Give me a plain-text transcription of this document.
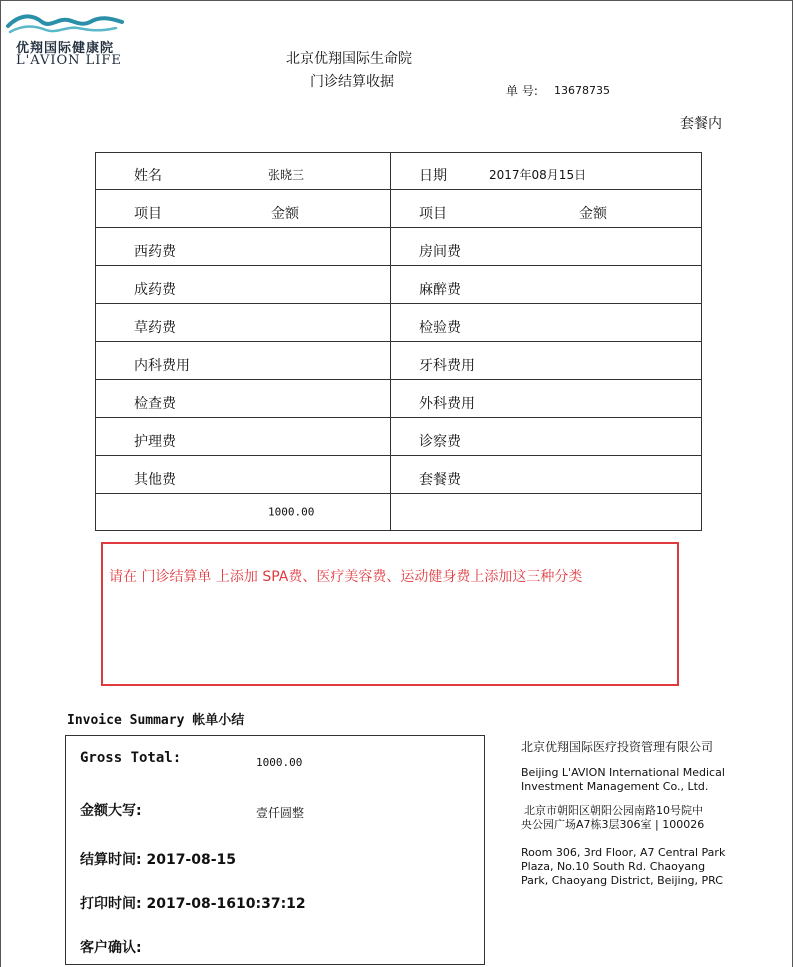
优翔国际健康院
L'AVION LIFE	北京优翔国际生命院
门诊结算收据
单 号: 13678735
套餐内
姓名 张晓三	日期 2017年08月15日

项目 金额	项目 金额

西药费	房间费

成药费	麻醉费

草药费	检验费

内科费用	牙科费用

检查费	外科费用

护理费	诊察费

其他费	套餐费

1000.00	

请在 门诊结算单 上添加 SPA费、医疗美容费、运动健身费上添加这三种分类
Invoice Summary 帐单小结
Gross Total:	1000.00
金额大写:	壹仟圆整
结算时间: 2017-08-15
打印时间: 2017-08-1610:37:12
客户确认:
北京优翔国际医疗投资管理有限公司
Beijing L'AVION International Medical
Investment Management Co., Ltd.
北京市朝阳区朝阳公园南路10号院中
央公园广场A7栋3层306室 | 100026
Room 306, 3rd Floor, A7 Central Park
Plaza, No.10 South Rd. Chaoyang
Park, Chaoyang District, Beijing, PRC
